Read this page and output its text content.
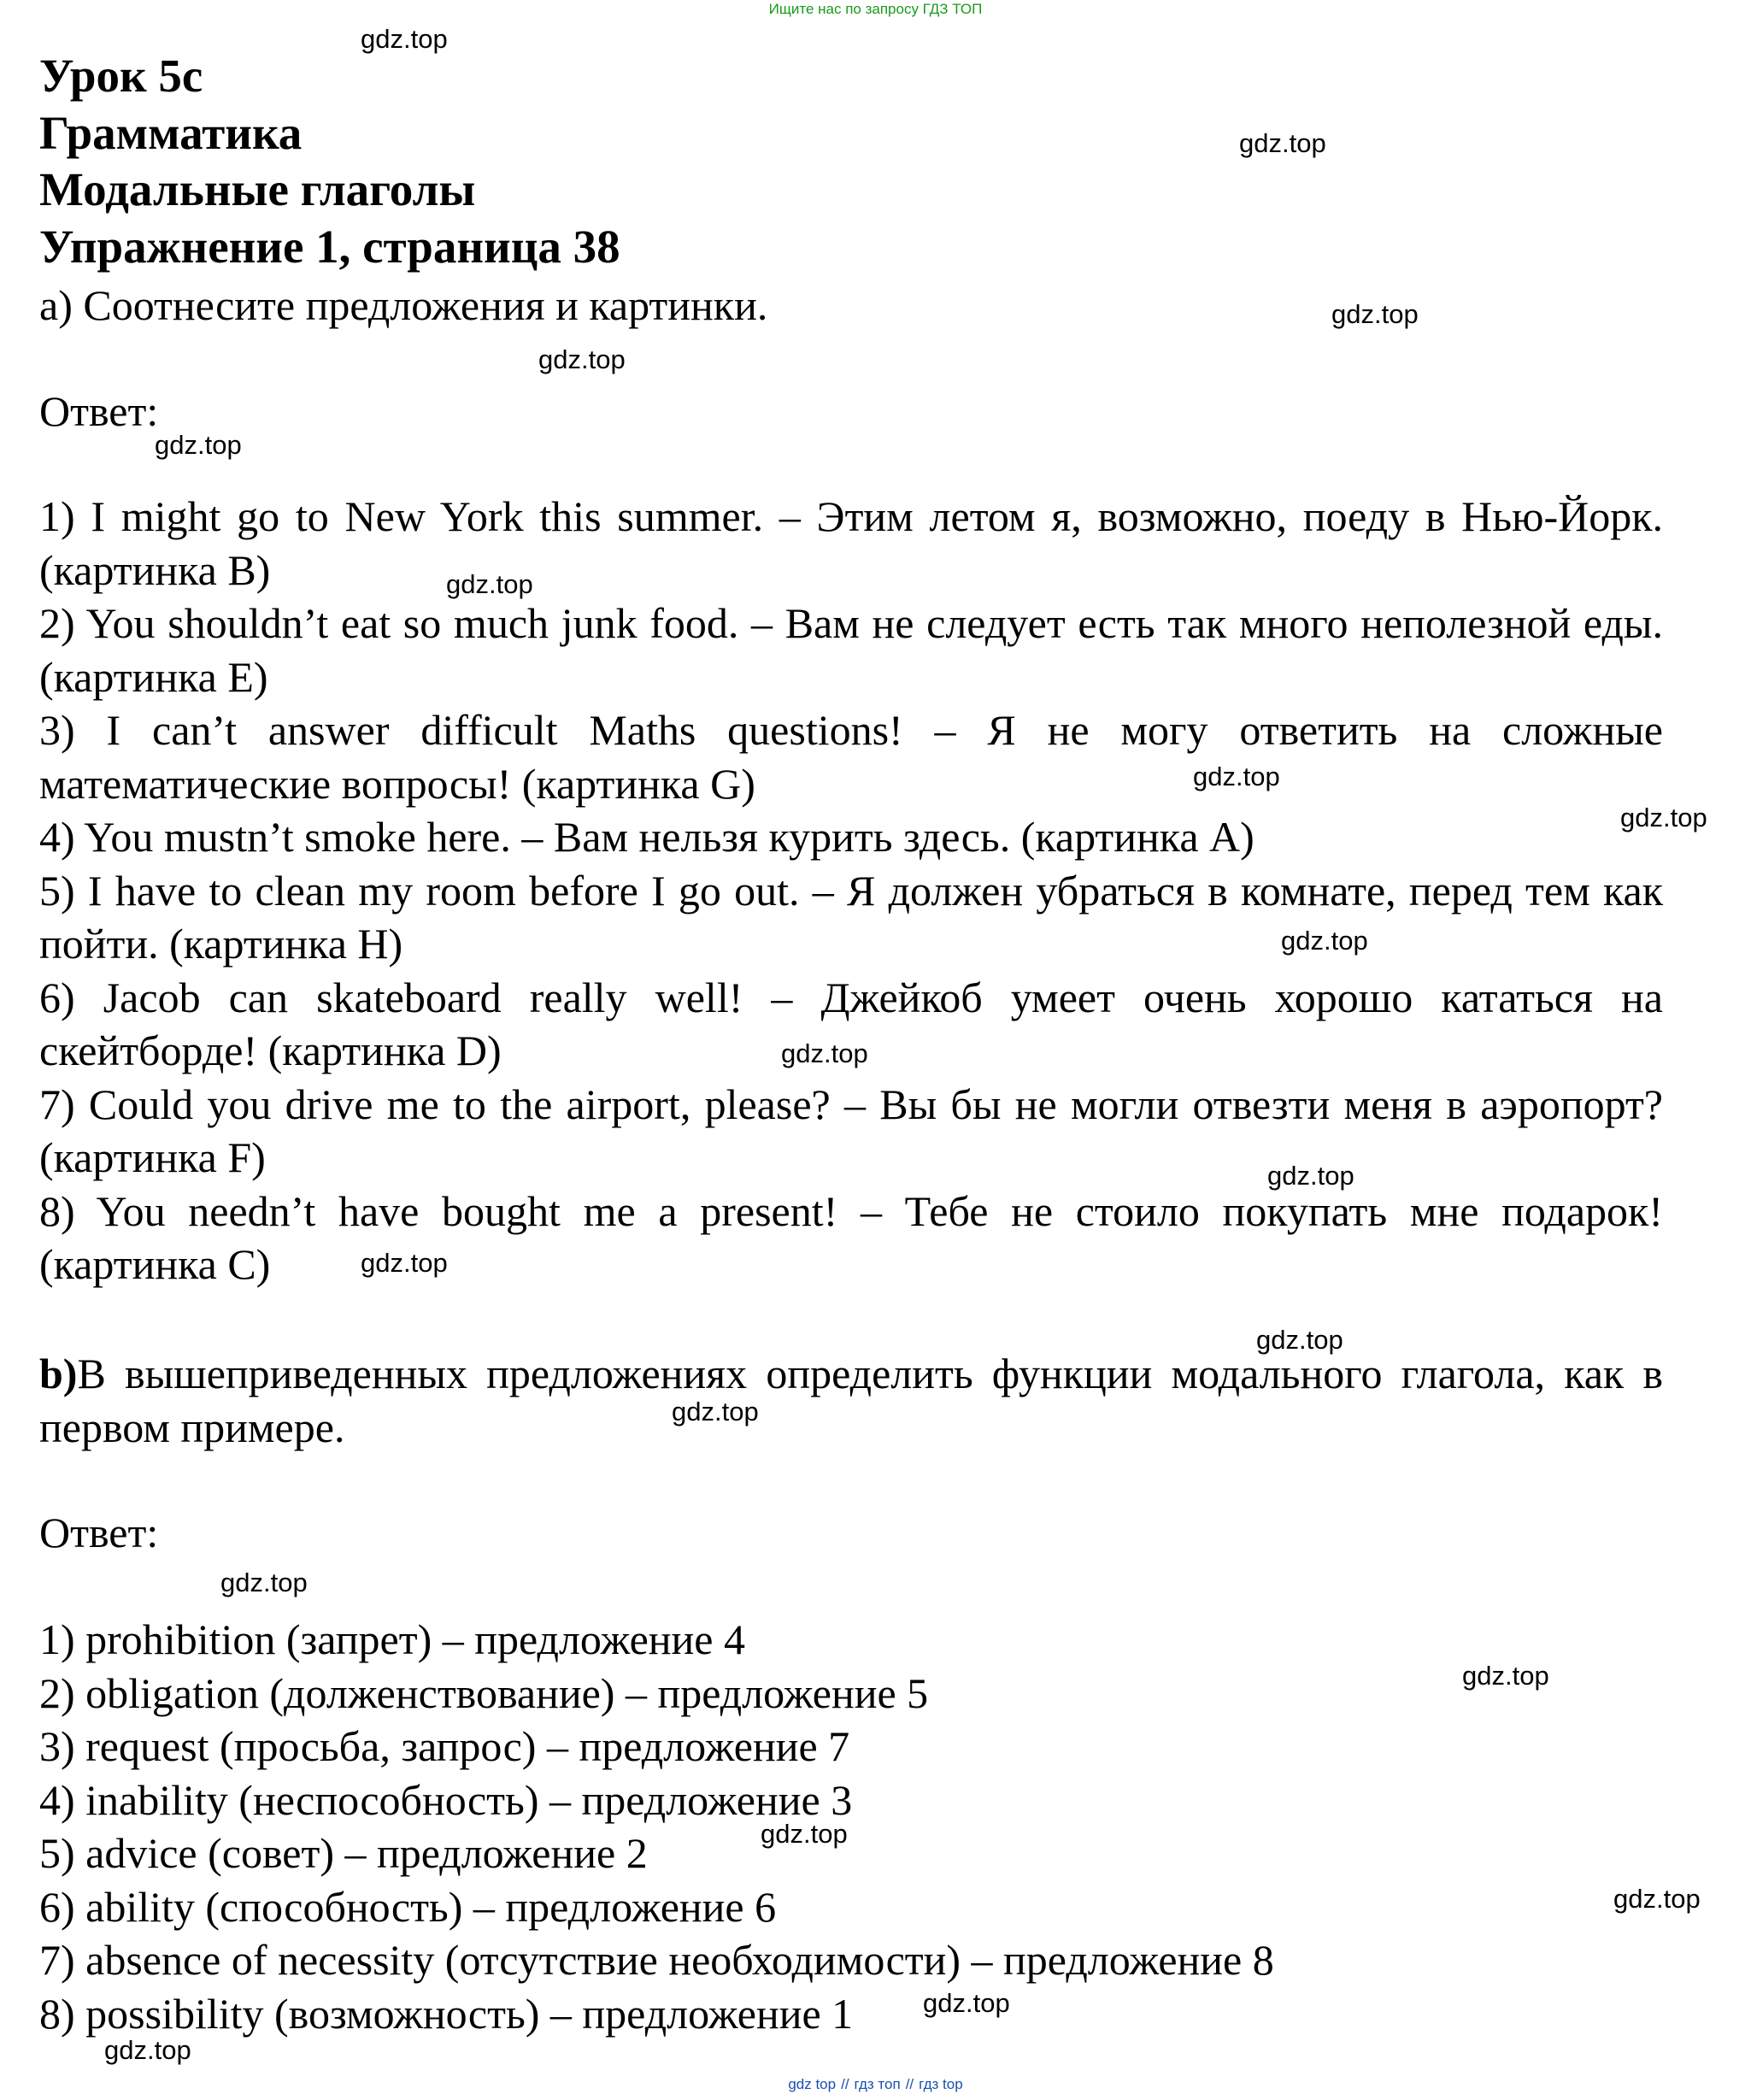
Ищите нас по запросу ГДЗ ТОП
Урок 5c
Грамматика
Модальные глаголы
Упражнение 1, страница 38
а) Соотнесите предложения и картинки.
Ответ:
1) I might go to New York this summer. – Этим летом я, возможно, поеду в Нью-Йорк. (картинка B)
2) You shouldn’t eat so much junk food. – Вам не следует есть так много неполезной еды. (картинка E)
3) I can’t answer difficult Maths questions! – Я не могу ответить на сложные математические вопросы! (картинка G)
4) You mustn’t smoke here. – Вам нельзя курить здесь. (картинка A)
5) I have to clean my room before I go out. – Я должен убраться в комнате, перед тем как пойти. (картинка H)
6) Jacob can skateboard really well! – Джейкоб умеет очень хорошо кататься на скейтборде! (картинка D)
7) Could you drive me to the airport, please? – Вы бы не могли отвезти меня в аэропорт? (картинка F)
8) You needn’t have bought me a present! – Тебе не стоило покупать мне подарок! (картинка C)
b)В вышеприведенных предложениях определить функции модального глагола, как в первом примере.
Ответ:
1) prohibition (запрет) – предложение 4
2) obligation (долженствование) – предложение 5
3) request (просьба, запрос) – предложение 7
4) inability (неспособность) – предложение 3
5) advice (совет) – предложение 2
6) ability (способность) – предложение 6
7) absence of necessity (отсутствие необходимости) – предложение 8
8) possibility (возможность) – предложение 1
gdz.top
gdz.top
gdz.top
gdz.top
gdz.top
gdz.top
gdz.top
gdz.top
gdz.top
gdz.top
gdz.top
gdz.top
gdz.top
gdz.top
gdz.top
gdz.top
gdz.top
gdz.top
gdz.top
gdz.top
gdz top // гдз топ // гдз top
